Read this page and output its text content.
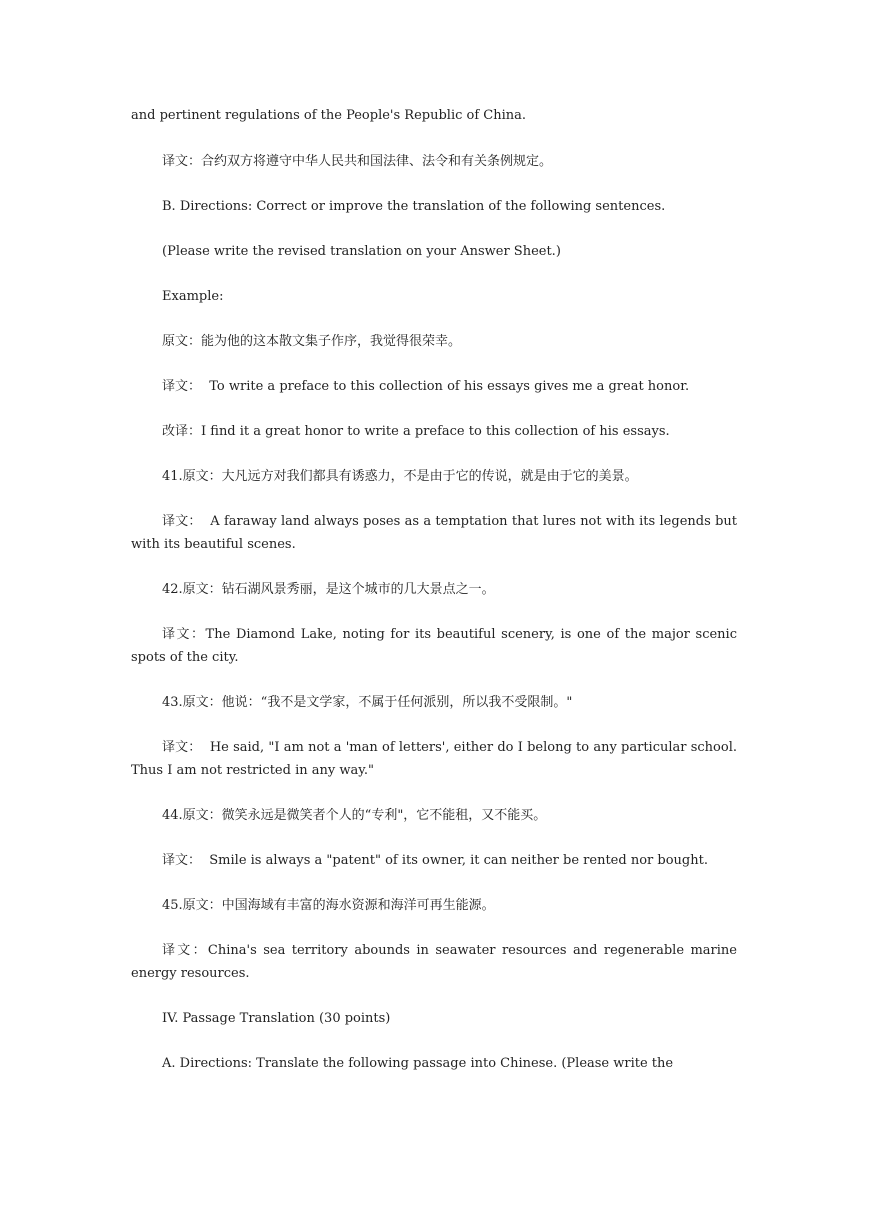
and pertinent regulations of the People's Republic of China.

译文：合约双方将遵守中华人民共和国法律、法令和有关条例规定。

B. Directions: Correct or improve the translation of the following sentences.

(Please write the revised translation on your Answer Sheet.)

Example:

原文：能为他的这本散文集子作序，我觉得很荣幸。

译文：  To write a preface to this collection of his essays gives me a great honor.

改译：I find it a great honor to write a preface to this collection of his essays.

41.原文：大凡远方对我们都具有诱惑力，不是由于它的传说，就是由于它的美景。

译文：  A faraway land always poses as a temptation that lures not with its legends but with its beautiful scenes.

42.原文：钻石湖风景秀丽，是这个城市的几大景点之一。

译文：The Diamond Lake, noting for its beautiful scenery, is one of the major scenic spots of the city.

43.原文：他说：“我不是文学家，不属于任何派别，所以我不受限制。"

译文：  He said, "I am not a 'man of letters', either do I belong to any particular school. Thus I am not restricted in any way."

44.原文：微笑永远是微笑者个人的“专利"，它不能租，又不能买。

译文：  Smile is always a "patent" of its owner, it can neither be rented nor bought.

45.原文：中国海域有丰富的海水资源和海洋可再生能源。

译文：China's sea territory abounds in seawater resources and regenerable marine energy resources.

IV. Passage Translation (30 points)

A. Directions: Translate the following passage into Chinese. (Please write the
